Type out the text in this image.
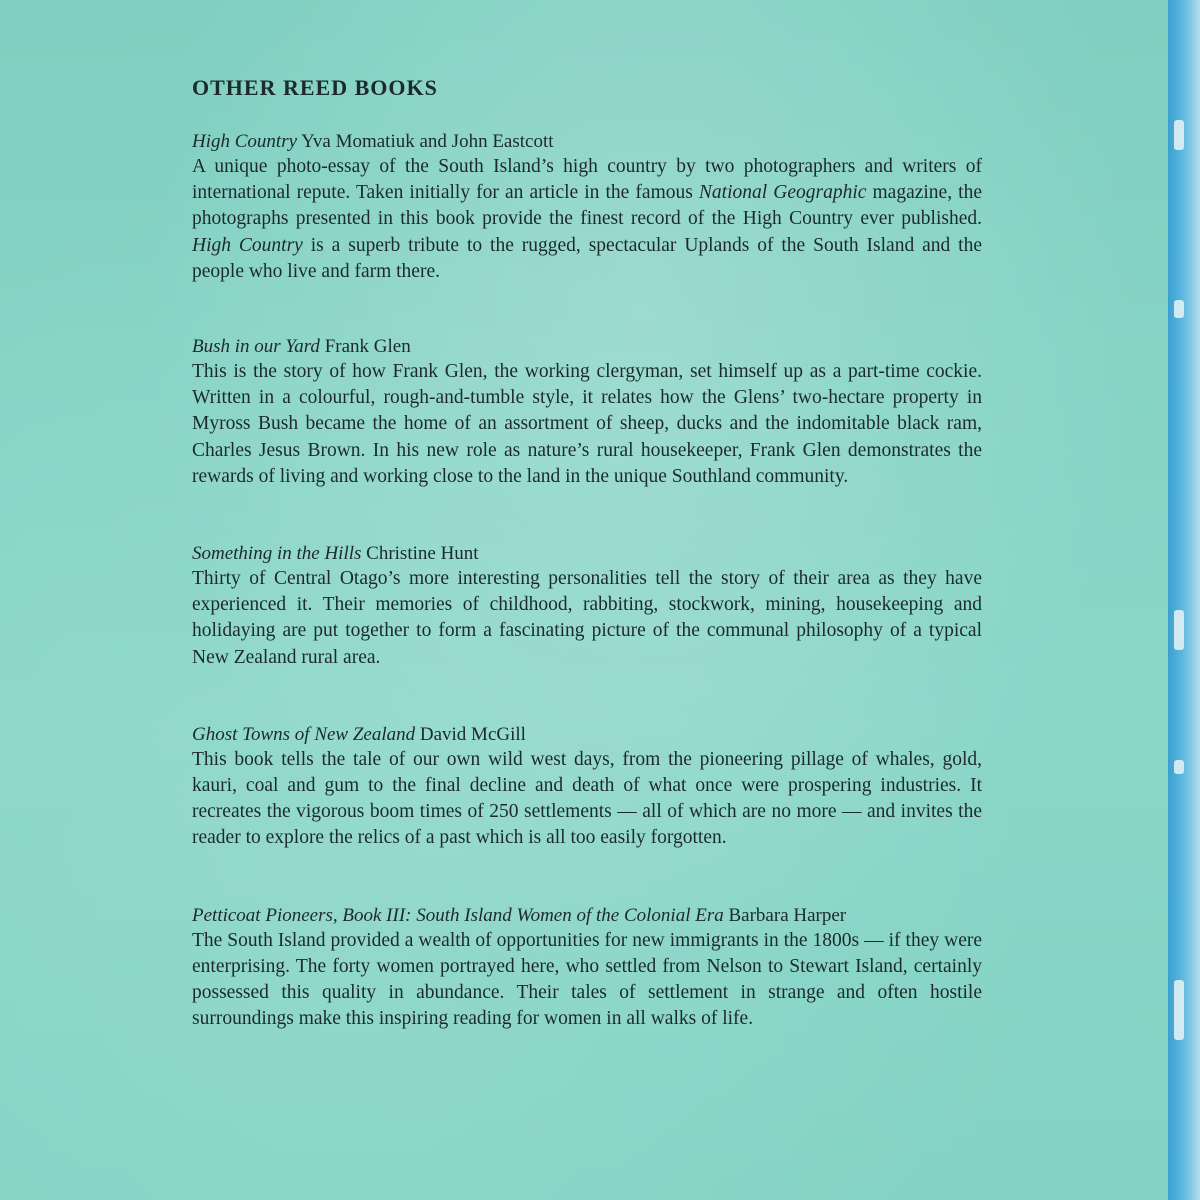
OTHER REED BOOKS

High Country Yva Momatiuk and John Eastcott

A unique photo-essay of the South Island’s high country by two photographers and writers of international repute. Taken initially for an article in the famous National Geographic magazine, the photographs presented in this book provide the finest record of the High Country ever published. High Country is a superb tribute to the rugged, spectacular Uplands of the South Island and the people who live and farm there.

Bush in our Yard Frank Glen

This is the story of how Frank Glen, the working clergyman, set himself up as a part-time cockie. Written in a colourful, rough-and-tumble style, it relates how the Glens’ two-hectare property in Myross Bush became the home of an assortment of sheep, ducks and the indomitable black ram, Charles Jesus Brown. In his new role as nature’s rural housekeeper, Frank Glen demonstrates the rewards of living and working close to the land in the unique Southland community.

Something in the Hills Christine Hunt

Thirty of Central Otago’s more interesting personalities tell the story of their area as they have experienced it. Their memories of childhood, rabbiting, stockwork, mining, housekeeping and holidaying are put together to form a fascinating picture of the communal philosophy of a typical New Zealand rural area.

Ghost Towns of New Zealand David McGill

This book tells the tale of our own wild west days, from the pioneering pillage of whales, gold, kauri, coal and gum to the final decline and death of what once were prospering industries. It recreates the vigorous boom times of 250 settlements — all of which are no more — and invites the reader to explore the relics of a past which is all too easily forgotten.

Petticoat Pioneers, Book III: South Island Women of the Colonial Era Barbara Harper

The South Island provided a wealth of opportunities for new immigrants in the 1800s — if they were enterprising. The forty women portrayed here, who settled from Nelson to Stewart Island, certainly possessed this quality in abundance. Their tales of settlement in strange and often hostile surroundings make this inspiring reading for women in all walks of life.
